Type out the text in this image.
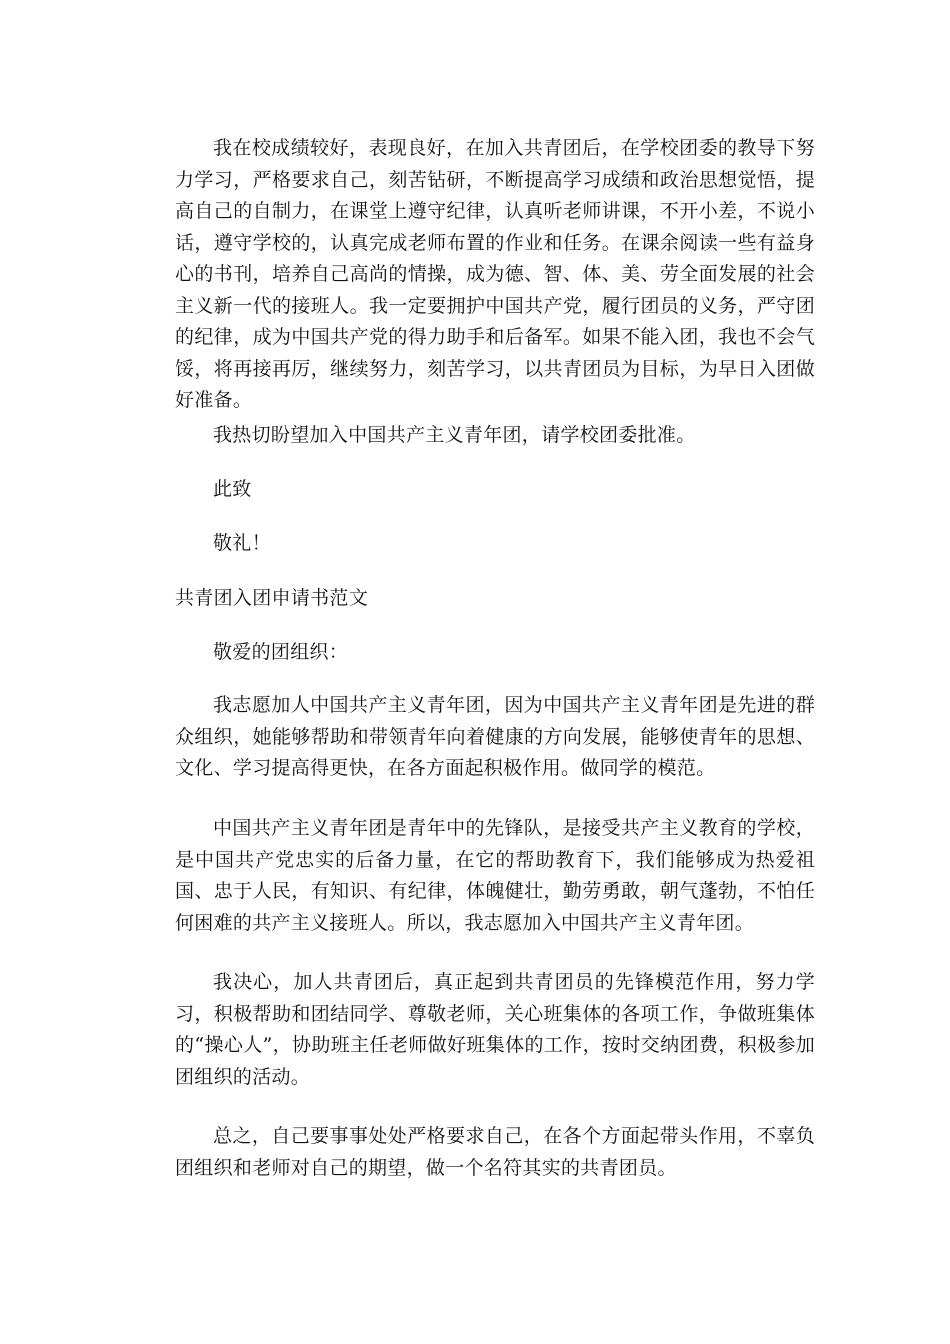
我在校成绩较好，表现良好，在加入共青团后，在学校团委的教导下努力学习，严格要求自己，刻苦钻研，不断提高学习成绩和政治思想觉悟，提高自己的自制力，在课堂上遵守纪律，认真听老师讲课，不开小差，不说小话，遵守学校的，认真完成老师布置的作业和任务。在课余阅读一些有益身心的书刊，培养自己高尚的情操，成为德、智、体、美、劳全面发展的社会主义新一代的接班人。我一定要拥护中国共产党，履行团员的义务，严守团的纪律，成为中国共产党的得力助手和后备军。如果不能入团，我也不会气馁，将再接再厉，继续努力，刻苦学习，以共青团员为目标，为早日入团做好准备。

我热切盼望加入中国共产主义青年团，请学校团委批准。

此致

敬礼！

共青团入团申请书范文

敬爱的团组织：

我志愿加人中国共产主义青年团，因为中国共产主义青年团是先进的群众组织，她能够帮助和带领青年向着健康的方向发展，能够使青年的思想、文化、学习提高得更快，在各方面起积极作用。做同学的模范。

中国共产主义青年团是青年中的先锋队，是接受共产主义教育的学校，是中国共产党忠实的后备力量，在它的帮助教育下，我们能够成为热爱祖国、忠于人民，有知识、有纪律，体魄健壮，勤劳勇敢，朝气蓬勃，不怕任何困难的共产主义接班人。所以，我志愿加入中国共产主义青年团。

我决心，加人共青团后，真正起到共青团员的先锋模范作用，努力学习，积极帮助和团结同学、尊敬老师，关心班集体的各项工作，争做班集体的“操心人”，协助班主任老师做好班集体的工作，按时交纳团费，积极参加团组织的活动。

总之，自己要事事处处严格要求自己，在各个方面起带头作用，不辜负团组织和老师对自己的期望，做一个名符其实的共青团员。
